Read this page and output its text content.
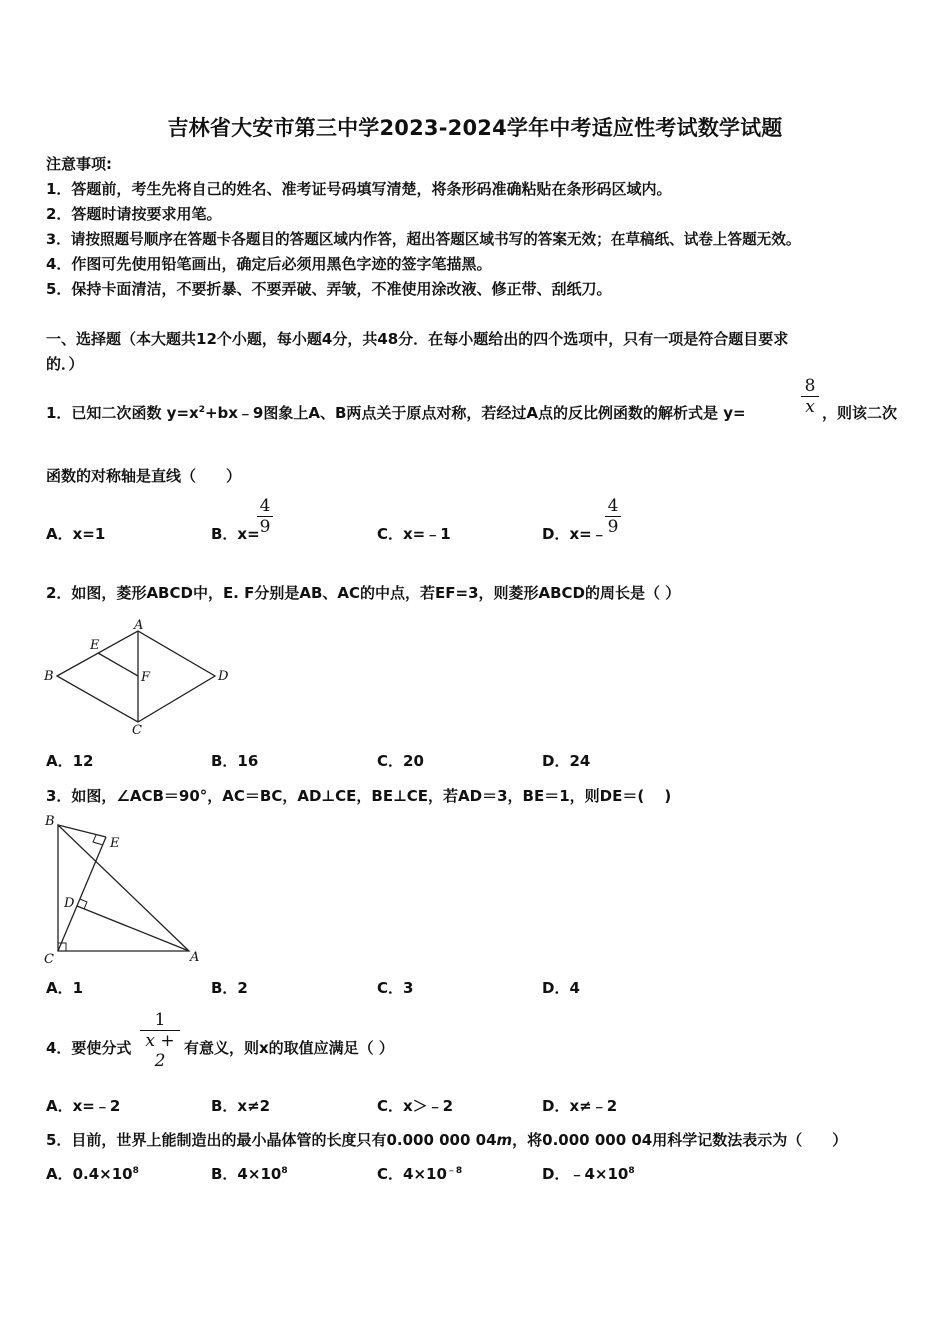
吉林省大安市第三中学2023-2024学年中考适应性考试数学试题
注意事项:
1．答题前，考生先将自己的姓名、准考证号码填写清楚，将条形码准确粘贴在条形码区域内。
2．答题时请按要求用笔。
3．请按照题号顺序在答题卡各题目的答题区域内作答，超出答题区域书写的答案无效；在草稿纸、试卷上答题无效。
4．作图可先使用铅笔画出，确定后必须用黑色字迹的签字笔描黑。
5．保持卡面清洁，不要折暴、不要弄破、弄皱，不准使用涂改液、修正带、刮纸刀。
一、选择题（本大题共12个小题，每小题4分，共48分．在每小题给出的四个选项中，只有一项是符合题目要求
的．）
1．已知二次函数 $y=x^2+bx﹣9$图象上A、B两点关于原点对称，若经过A点的反比例函数的解析式是 y=
8
x ，则该二次
函数的对称轴是直线（　　）
A．x=1	B．x=
4
9	C．x=﹣1	D．x=﹣
4
9
2．如图，菱形ABCD中，E. F分别是AB、AC的中点，若EF=3，则菱形ABCD的周长是（ ）
A
B
C
D
E
F
A．12	B．16	C．20	D．24
3．如图，∠ACB＝90°，AC＝BC，AD⊥CE，BE⊥CE，若AD＝3，BE＝1，则DE＝(　 )
B
E
D
C	A
A．1	B．2	C．3	D．4
4．要使分式
1
x + 2
有意义，则x的取值应满足（ ）
A．x=﹣2	B．x≠2	C．x＞﹣2	D．x≠﹣2
5．目前，世界上能制造出的最小晶体管的长度只有0.000 000 04m，将0.000 000 04用科学记数法表示为（　　）
A．$0.4\times 10^8$	B．$4\times 10^8$	C．$4\times 10^{﹣8}$	D．$﹣4\times 10^8$
